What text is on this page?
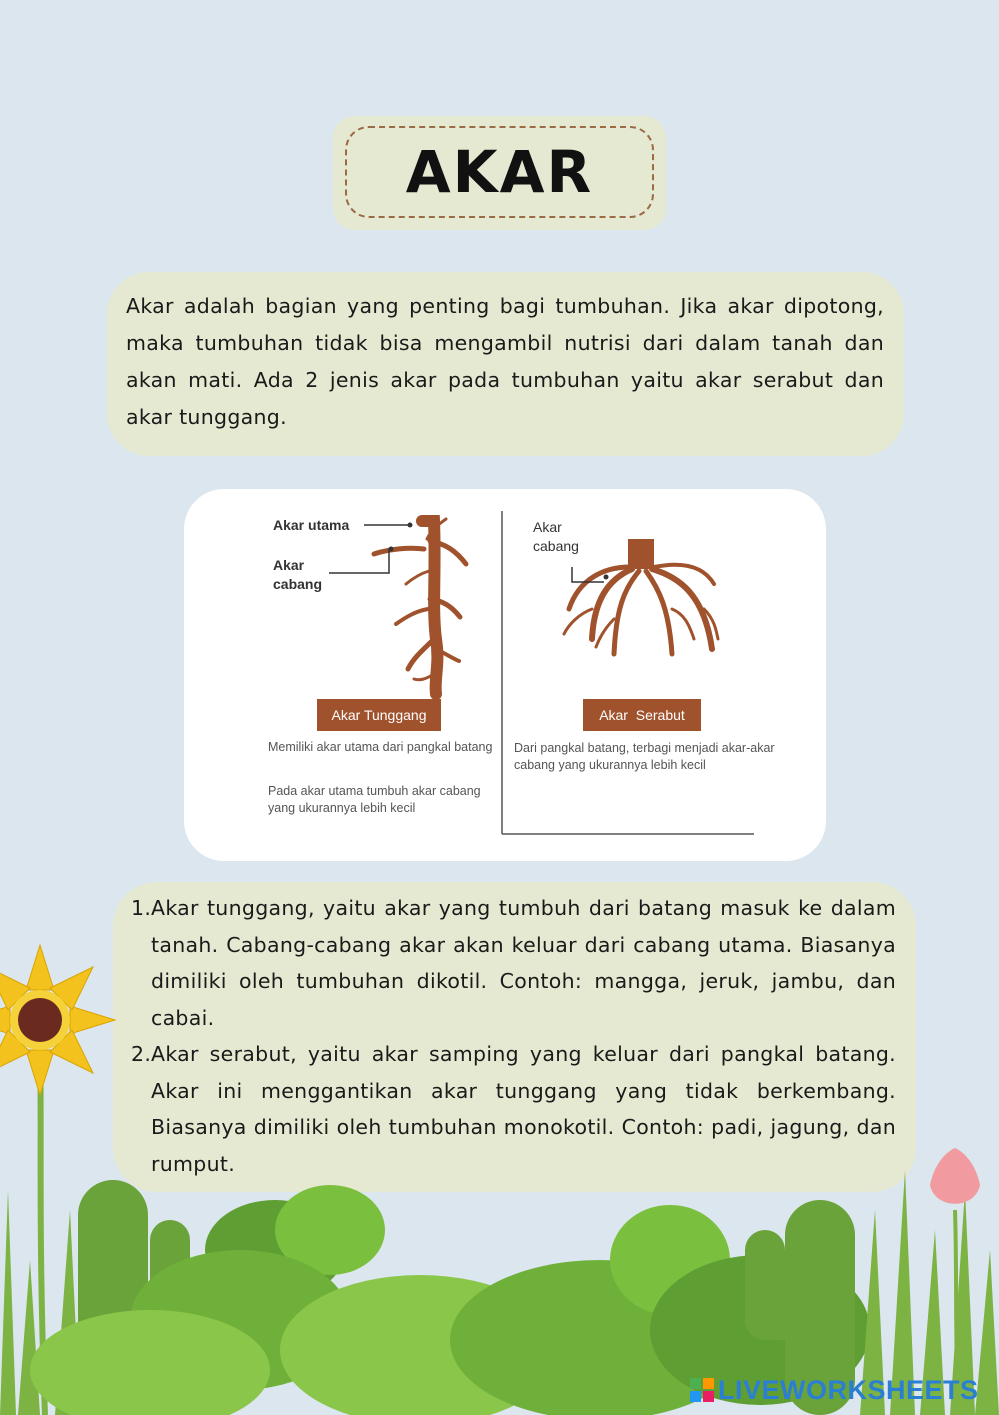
AKAR

Akar adalah bagian yang penting bagi tumbuhan. Jika akar dipotong, maka tumbuhan tidak bisa mengambil nutrisi dari dalam tanah dan akan mati. Ada 2 jenis akar pada tumbuhan yaitu akar serabut dan akar tunggang.

Akar utama
Akar
cabang
Akar Tunggang
Memiliki akar utama dari pangkal batang
Pada akar utama tumbuh akar cabang yang ukurannya lebih kecil
Akar
cabang
Akar  Serabut
Dari pangkal batang, terbagi menjadi akar-akar cabang yang ukurannya lebih kecil
1. Akar tunggang, yaitu akar yang tumbuh dari batang masuk ke dalam tanah. Cabang-cabang akar akan keluar dari cabang utama. Biasanya dimiliki oleh tumbuhan dikotil. Contoh: mangga, jeruk, jambu, dan cabai.
2. Akar serabut, yaitu akar samping yang keluar dari pangkal batang. Akar ini menggantikan akar tunggang yang tidak berkembang. Biasanya dimiliki oleh tumbuhan monokotil. Contoh: padi, jagung, dan rumput.
LIVEWORKSHEETS
